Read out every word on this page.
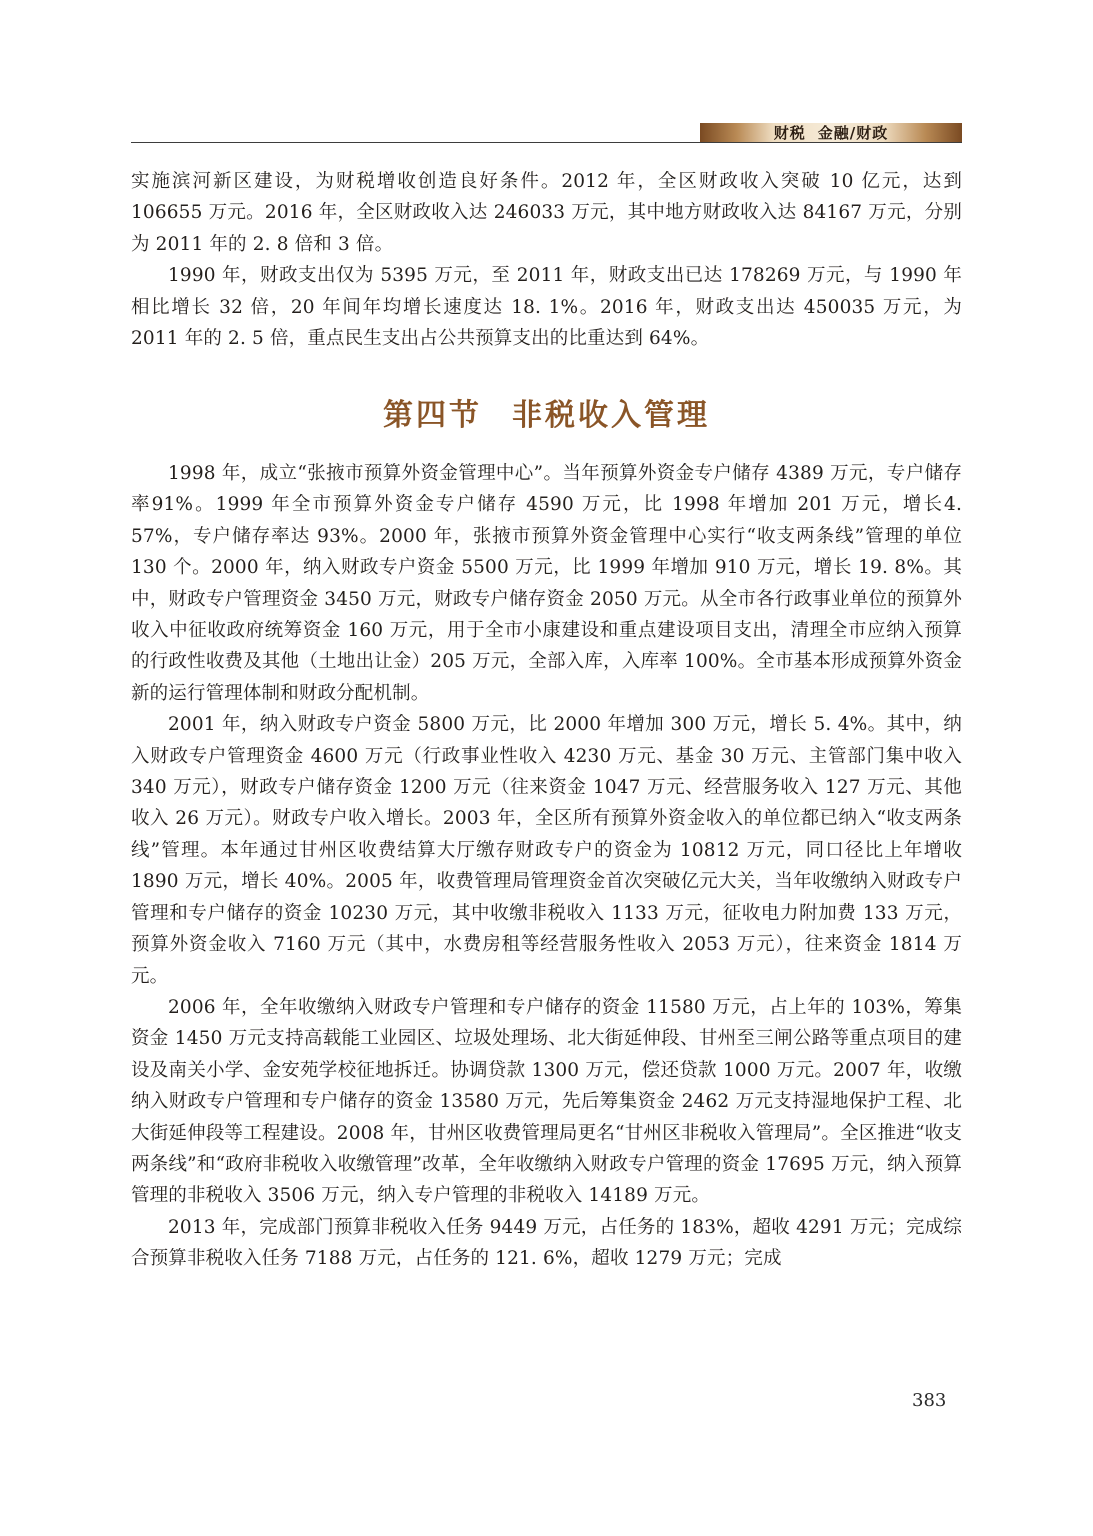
财税 金融/财政

实施滨河新区建设，为财税增收创造良好条件。2012 年，全区财政收入突破 10 亿元，达到 106655 万元。2016 年，全区财政收入达 246033 万元，其中地方财政收入达 84167 万元，分别为 2011 年的 2. 8 倍和 3 倍。

1990 年，财政支出仅为 5395 万元，至 2011 年，财政支出已达 178269 万元，与 1990 年相比增长 32 倍，20 年间年均增长速度达 18. 1%。2016 年，财政支出达 450035 万元，为 2011 年的 2. 5 倍，重点民生支出占公共预算支出的比重达到 64%。

第四节 非税收入管理

1998 年，成立“张掖市预算外资金管理中心”。当年预算外资金专户储存 4389 万元，专户储存率91%。1999 年全市预算外资金专户储存 4590 万元，比 1998 年增加 201 万元，增长4. 57%，专户储存率达 93%。2000 年，张掖市预算外资金管理中心实行“收支两条线”管理的单位 130 个。2000 年，纳入财政专户资金 5500 万元，比 1999 年增加 910 万元，增长 19. 8%。其中，财政专户管理资金 3450 万元，财政专户储存资金 2050 万元。从全市各行政事业单位的预算外收入中征收政府统筹资金 160 万元，用于全市小康建设和重点建设项目支出，清理全市应纳入预算的行政性收费及其他（土地出让金）205 万元，全部入库，入库率 100%。全市基本形成预算外资金新的运行管理体制和财政分配机制。

2001 年，纳入财政专户资金 5800 万元，比 2000 年增加 300 万元，增长 5. 4%。其中，纳入财政专户管理资金 4600 万元（行政事业性收入 4230 万元、基金 30 万元、主管部门集中收入 340 万元），财政专户储存资金 1200 万元（往来资金 1047 万元、经营服务收入 127 万元、其他收入 26 万元）。财政专户收入增长。2003 年，全区所有预算外资金收入的单位都已纳入“收支两条线”管理。本年通过甘州区收费结算大厅缴存财政专户的资金为 10812 万元，同口径比上年增收 1890 万元，增长 40%。2005 年，收费管理局管理资金首次突破亿元大关，当年收缴纳入财政专户管理和专户储存的资金 10230 万元，其中收缴非税收入 1133 万元，征收电力附加费 133 万元，预算外资金收入 7160 万元（其中，水费房租等经营服务性收入 2053 万元），往来资金 1814 万元。

2006 年，全年收缴纳入财政专户管理和专户储存的资金 11580 万元，占上年的 103%，筹集资金 1450 万元支持高载能工业园区、垃圾处理场、北大街延伸段、甘州至三闸公路等重点项目的建设及南关小学、金安苑学校征地拆迁。协调贷款 1300 万元，偿还贷款 1000 万元。2007 年，收缴纳入财政专户管理和专户储存的资金 13580 万元，先后筹集资金 2462 万元支持湿地保护工程、北大街延伸段等工程建设。2008 年，甘州区收费管理局更名“甘州区非税收入管理局”。全区推进“收支两条线”和“政府非税收入收缴管理”改革，全年收缴纳入财政专户管理的资金 17695 万元，纳入预算管理的非税收入 3506 万元，纳入专户管理的非税收入 14189 万元。

2013 年，完成部门预算非税收入任务 9449 万元，占任务的 183%，超收 4291 万元；完成综合预算非税收入任务 7188 万元，占任务的 121. 6%，超收 1279 万元；完成

383
